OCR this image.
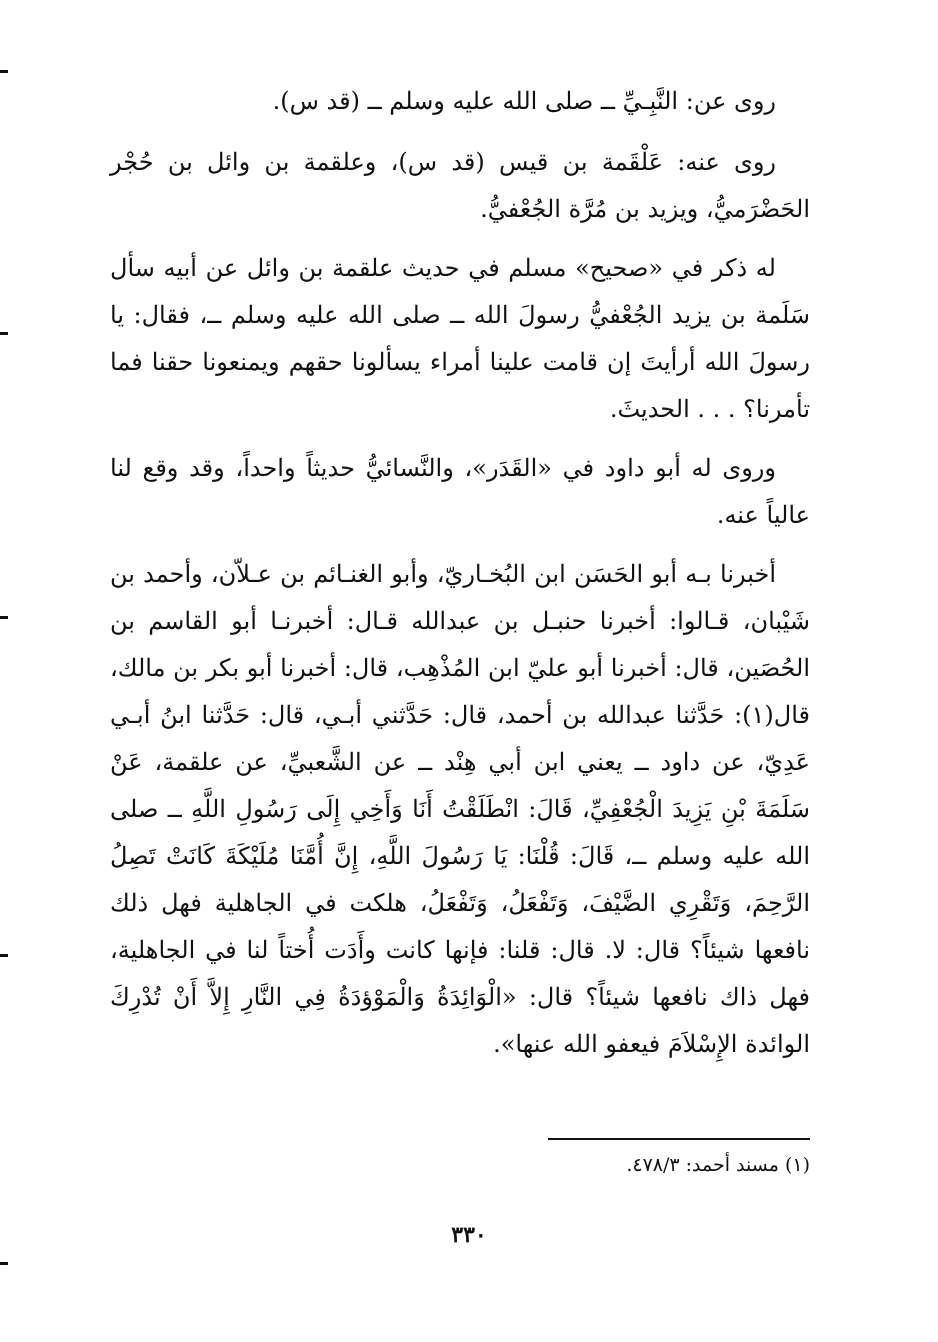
روى عن: النَّبِـيِّ ــ صلى الله عليه وسلم ــ (قد س).

روى عنه: عَلْقَمة بن قيس (قد س)، وعلقمة بن وائل بن حُجْر الحَضْرَميُّ، ويزيد بن مُرَّة الجُعْفيُّ.

له ذكر في «صحيح» مسلم في حديث علقمة بن وائل عن أبيه سأل سَلَمة بن يزيد الجُعْفيُّ رسولَ الله ــ صلى الله عليه وسلم ــ، فقال: يا رسولَ الله أرأيتَ إن قامت علينا أمراء يسألونا حقهم ويمنعونا حقنا فما تأمرنا؟ . . . الحديثَ.

وروى له أبو داود في «القَدَر»، والنَّسائيُّ حديثاً واحداً، وقد وقع لنا عالياً عنه.

أخبرنا بـه أبو الحَسَن ابن البُخـاريّ، وأبو الغنـائم بن عـلاّن، وأحمد بن شَيْبان، قـالوا: أخبرنا حنبـل بن عبدالله قـال: أخبرنـا أبو القاسم بن الحُصَين، قال: أخبرنا أبو عليّ ابن المُذْهِب، قال: أخبرنا أبو بكر بن مالك، قال(١): حَدَّثنا عبدالله بن أحمد، قال: حَدَّثني أبـي، قال: حَدَّثنا ابنُ أبـي عَدِيّ، عن داود ــ يعني ابن أبي هِنْد ــ عن الشَّعبيِّ، عن علقمة، عَنْ سَلَمَةَ بْنِ يَزِيدَ الْجُعْفِيِّ، قَالَ: انْطَلَقْتُ أَنَا وَأَخِي إِلَى رَسُولِ اللَّهِ ــ صلى الله عليه وسلم ــ، قَالَ: قُلْنَا: يَا رَسُولَ اللَّهِ، إِنَّ أُمَّنَا مُلَيْكَةَ كَانَتْ تَصِلُ الرَّحِمَ، وَتَقْرِي الضَّيْفَ، وَتَفْعَلُ، وَتَفْعَلُ، هلكت في الجاهلية فهل ذلك نافعها شيئاً؟ قال: لا. قال: قلنا: فإنها كانت وأَدَت أُختاً لنا في الجاهلية، فهل ذاك نافعها شيئاً؟ قال: «الْوَائِدَةُ وَالْمَوْؤدَةُ فِي النَّارِ إِلاَّ أَنْ تُدْرِكَ الوائدة الإِسْلاَمَ فيعفو الله عنها».

(١) مسند أحمد: ٤٧٨/٣.
٣٣٠
